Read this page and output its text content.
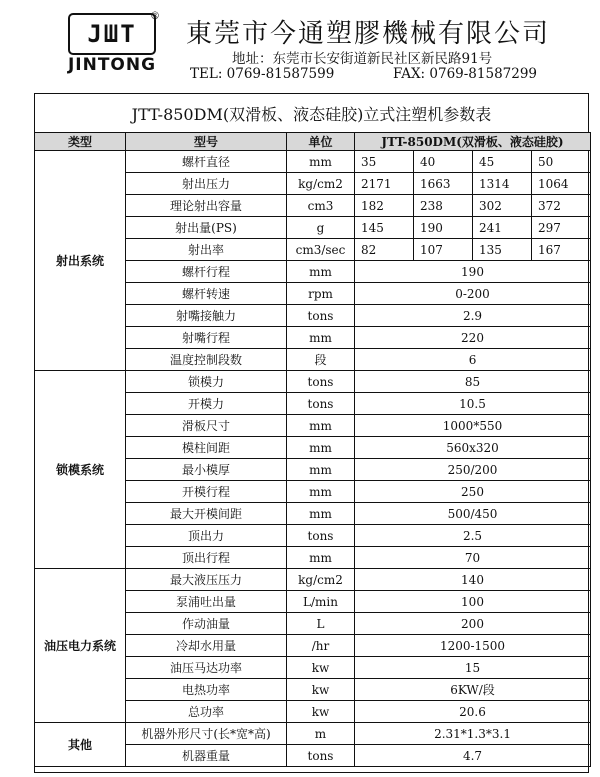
JШT
®
JINTONG
東莞市今通塑膠機械有限公司
地址：东莞市长安街道新民社区新民路91号
TEL: 0769-81587599	FAX: 0769-81587299
JTT-850DM(双滑板、液态硅胶)立式注塑机参数表
类型	型号	单位	JTT-850DM(双滑板、液态硅胶)			
射出系统	螺杆直径	mm	35	40	45	50
	射出压力	kg/cm2	2171	1663	1314	1064
	理论射出容量	cm3	182	238	302	372
	射出量(PS)	g	145	190	241	297
	射出率	cm3/sec	82	107	135	167
	螺杆行程	mm	190			
	螺杆转速	rpm	0-200			
	射嘴接触力	tons	2.9			
	射嘴行程	mm	220			
	温度控制段数	段	6			
锁模系统	锁模力	tons	85			
	开模力	tons	10.5			
	滑板尺寸	mm	1000*550			
	模柱间距	mm	560x320			
	最小模厚	mm	250/200			
	开模行程	mm	250			
	最大开模间距	mm	500/450			
	顶出力	tons	2.5			
	顶出行程	mm	70			
油压电力系统	最大液压压力	kg/cm2	140			
	泵浦吐出量	L/min	100			
	作动油量	L	200			
	冷却水用量	/hr	1200-1500			
	油压马达功率	kw	15			
	电热功率	kw	6KW/段			
	总功率	kw	20.6			
其他	机器外形尺寸(长*宽*高)	m	2.31*1.3*3.1			
	机器重量	tons	4.7			
